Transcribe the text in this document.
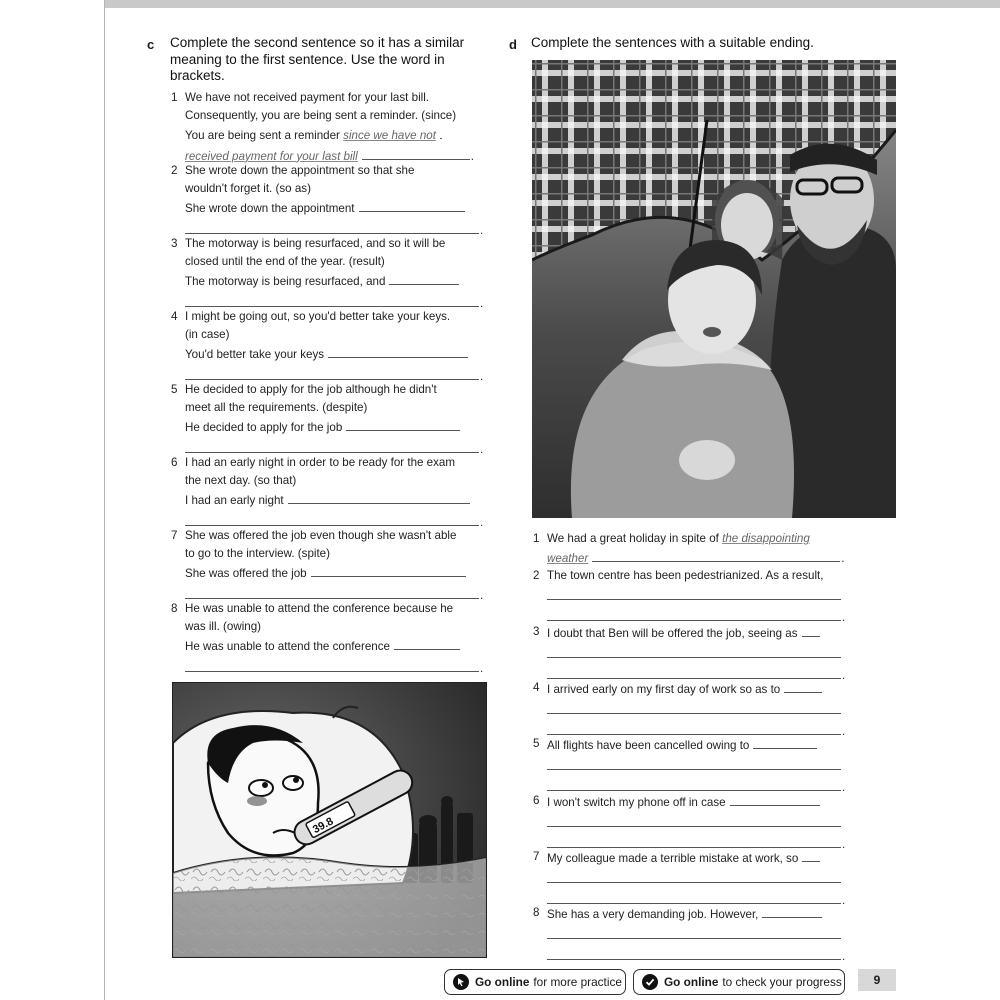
c Complete the second sentence so it has a similar
meaning to the first sentence. Use the word in
brackets.
1 We have not received payment for your last bill.
Consequently, you are being sent a reminder. (since)
You are being sent a reminder since we have not
received payment for your last bill	.
2 She wrote down the appointment so that she
wouldn't forget it. (so as)
She wrote down the appointment
.
3 The motorway is being resurfaced, and so it will be
closed until the end of the year. (result)
The motorway is being resurfaced, and
.
4 I might be going out, so you'd better take your keys.
(in case)
You'd better take your keys
.
5 He decided to apply for the job although he didn't
meet all the requirements. (despite)
He decided to apply for the job
.
6 I had an early night in order to be ready for the exam
the next day. (so that)
I had an early night
.
7 She was offered the job even though she wasn't able
to go to the interview. (spite)
She was offered the job
.
8 He was unable to attend the conference because he
was ill. (owing)
He was unable to attend the conference
.
39.8
d Complete the sentences with a suitable ending.
1 We had a great holiday in spite of the disappointing
weather	.
2 The town centre has been pedestrianized. As a result,
.
3 I doubt that Ben will be offered the job, seeing as
.
4 I arrived early on my first day of work so as to
.
5 All flights have been cancelled owing to
.
6 I won't switch my phone off in case
.
7 My colleague made a terrible mistake at work, so
.
8 She has a very demanding job. However,
.
Go online for more practice	Go online to check your progress	9
